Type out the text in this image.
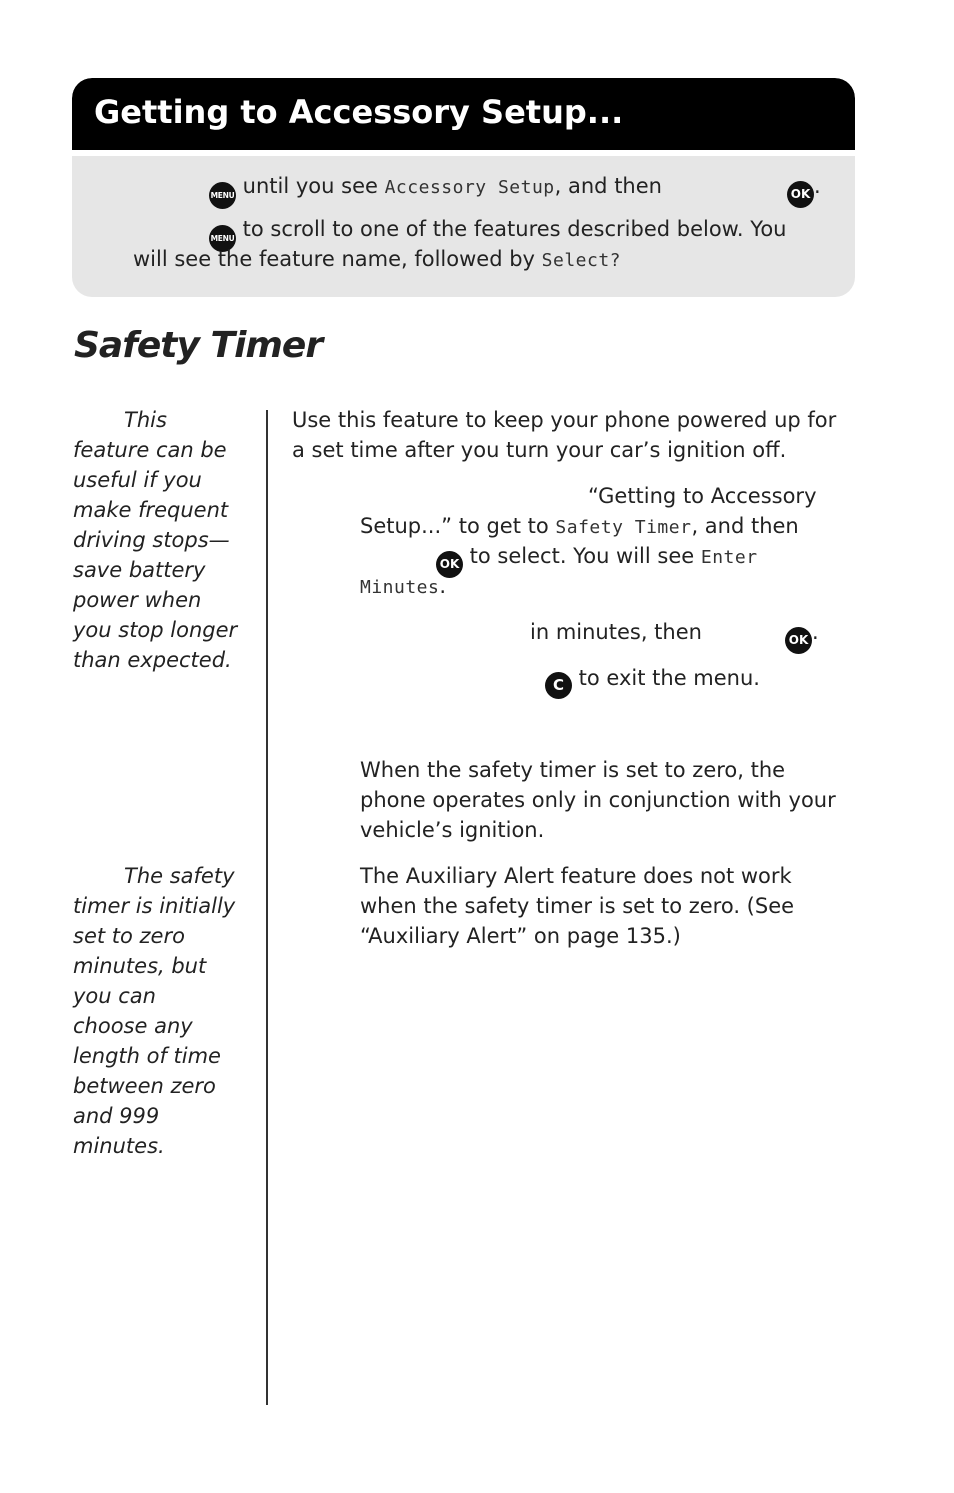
Getting to Accessory Setup...
MENU until you see Accessory Setup, and then	OK .
MENU to scroll to one of the features described below. You
will see the feature name, followed by Select?
Safety Timer
This
feature can be
useful if you
make frequent
driving stops—
save battery
power when
you stop longer
than expected.
The safety
timer is initially
set to zero
minutes, but
you can
choose any
length of time
between zero
and 999
minutes.
Use this feature to keep your phone powered up for
a set time after you turn your car’s ignition off.
“Getting to Accessory
Setup...” to get to Safety Timer, and then
OK to select. You will see Enter
Minutes.
in minutes, then	OK .
C to exit the menu.
When the safety timer is set to zero, the
phone operates only in conjunction with your
vehicle’s ignition.
The Auxiliary Alert feature does not work
when the safety timer is set to zero. (See
“Auxiliary Alert” on page 135.)
